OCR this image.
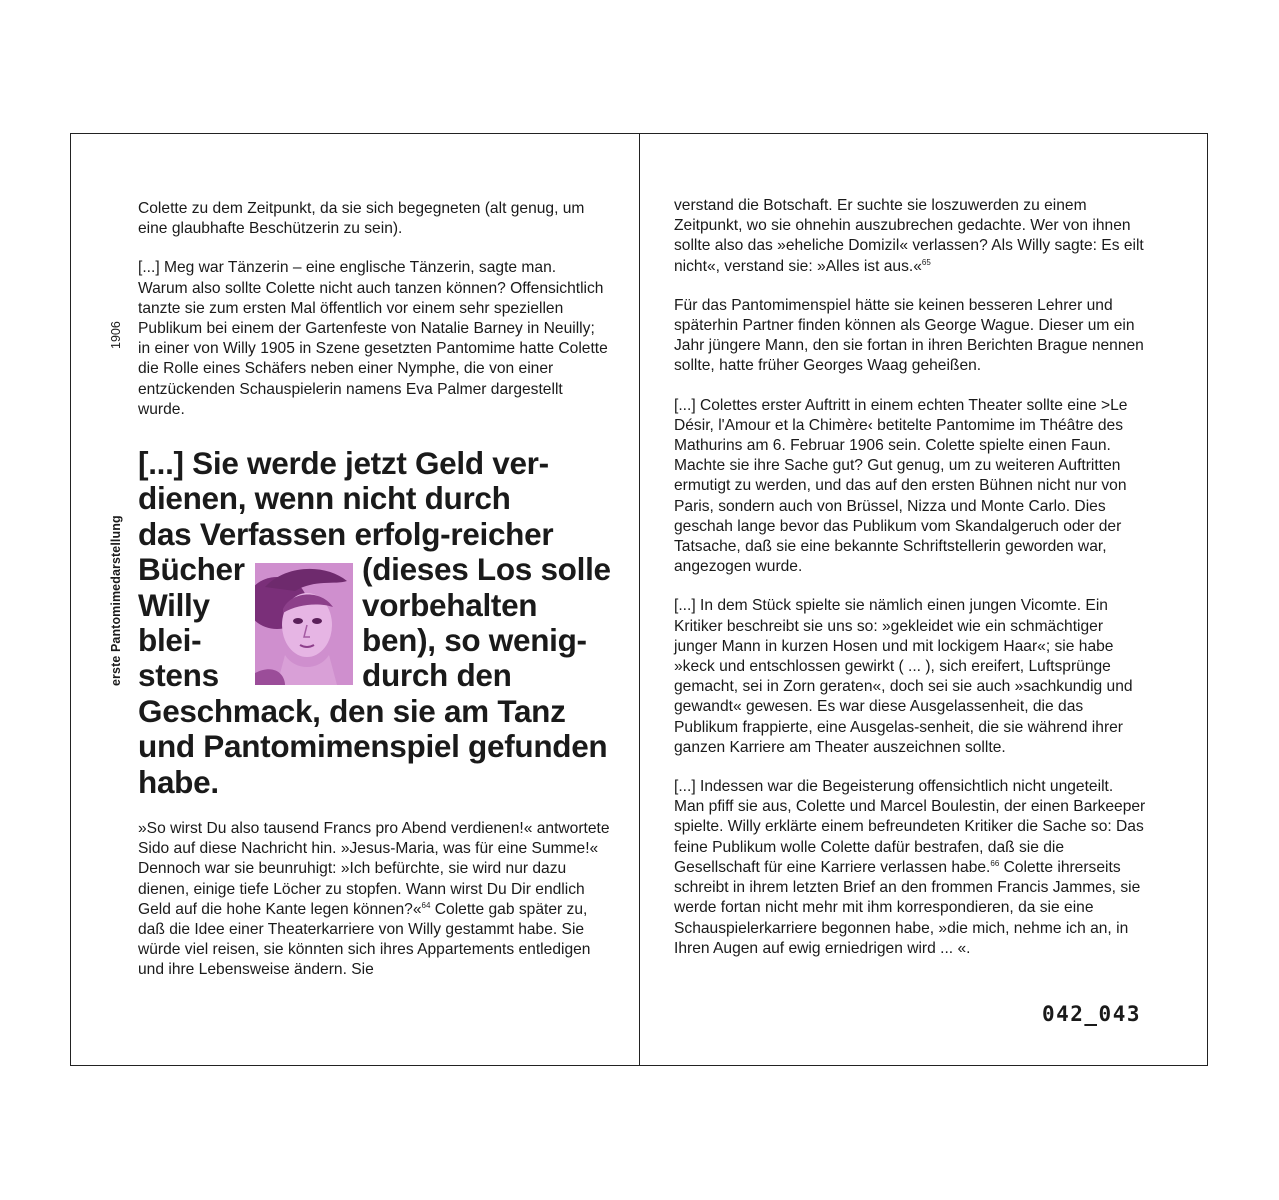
1906
erste Pantomimedarstellung

Colette zu dem Zeitpunkt, da sie sich begegneten (alt genug, um eine glaubhafte Beschützerin zu sein).

[...] Meg war Tänzerin – eine englische Tänzerin, sagte man. Warum also sollte Colette nicht auch tanzen können? Offensichtlich tanzte sie zum ersten Mal öffentlich vor einem sehr speziellen Publikum bei einem der Gartenfeste von Natalie Barney in Neuilly; in einer von Willy 1905 in Szene gesetzten Pantomime hatte Colette die Rolle eines Schäfers neben einer Nymphe, die von einer entzückenden Schauspielerin namens Eva Palmer dargestellt wurde.

[...] Sie werde jetzt Geld ver-
dienen, wenn nicht durch
das Verfassen erfolg-reicher
Bücher	(dieses Los solle
Willy	vorbehalten
blei-	ben), so wenig-
stens	durch den
Geschmack, den sie am Tanz
und Pantomimenspiel gefunden
habe.

»So wirst Du also tausend Francs pro Abend verdienen!« antwortete Sido auf diese Nachricht hin. »Jesus-Maria, was für eine Summe!« Dennoch war sie beunruhigt: »Ich befürchte, sie wird nur dazu dienen, einige tiefe Löcher zu stopfen. Wann wirst Du Dir endlich Geld auf die hohe Kante legen können?«$^{64}$ Colette gab später zu, daß die Idee einer Theaterkarriere von Willy gestammt habe. Sie würde viel reisen, sie könnten sich ihres Appartements entledigen und ihre Lebensweise ändern. Sie

verstand die Botschaft. Er suchte sie loszuwerden zu einem Zeitpunkt, wo sie ohnehin auszubrechen gedachte. Wer von ihnen sollte also das »eheliche Domizil« verlassen? Als Willy sagte: Es eilt nicht«, verstand sie: »Alles ist aus.«$^{65}$

Für das Pantomimenspiel hätte sie keinen besseren Lehrer und späterhin Partner finden können als George Wague. Dieser um ein Jahr jüngere Mann, den sie fortan in ihren Berichten Brague nennen sollte, hatte früher Georges Waag geheißen.

[...] Colettes erster Auftritt in einem echten Theater sollte eine >Le Désir, l'Amour et la Chimère‹ betitelte Pantomime im Théâtre des Mathurins am 6. Februar 1906 sein. Colette spielte einen Faun. Machte sie ihre Sache gut? Gut genug, um zu weiteren Auftritten ermutigt zu werden, und das auf den ersten Bühnen nicht nur von Paris, sondern auch von Brüssel, Nizza und Monte Carlo. Dies geschah lange bevor das Publikum vom Skandalgeruch oder der Tatsache, daß sie eine bekannte Schriftstellerin geworden war, angezogen wurde.

[...] In dem Stück spielte sie nämlich einen jungen Vicomte. Ein Kritiker beschreibt sie uns so: »gekleidet wie ein schmächtiger junger Mann in kurzen Hosen und mit lockigem Haar«; sie habe »keck und entschlossen gewirkt ( ... ), sich ereifert, Luftsprünge gemacht, sei in Zorn geraten«, doch sei sie auch »sachkundig und gewandt« gewesen. Es war diese Ausgelassenheit, die das Publikum frappierte, eine Ausgelas-senheit, die sie während ihrer ganzen Karriere am Theater auszeichnen sollte.

[...] Indessen war die Begeisterung offensichtlich nicht ungeteilt. Man pfiff sie aus, Colette und Marcel Boulestin, der einen Barkeeper spielte. Willy erklärte einem befreundeten Kritiker die Sache so: Das feine Publikum wolle Colette dafür bestrafen, daß sie die Gesellschaft für eine Karriere verlassen habe.$^{66}$ Colette ihrerseits schreibt in ihrem letzten Brief an den frommen Francis Jammes, sie werde fortan nicht mehr mit ihm korrespondieren, da sie eine Schauspielerkarriere begonnen habe, »die mich, nehme ich an, in Ihren Augen auf ewig erniedrigen wird ... «.

042_043
